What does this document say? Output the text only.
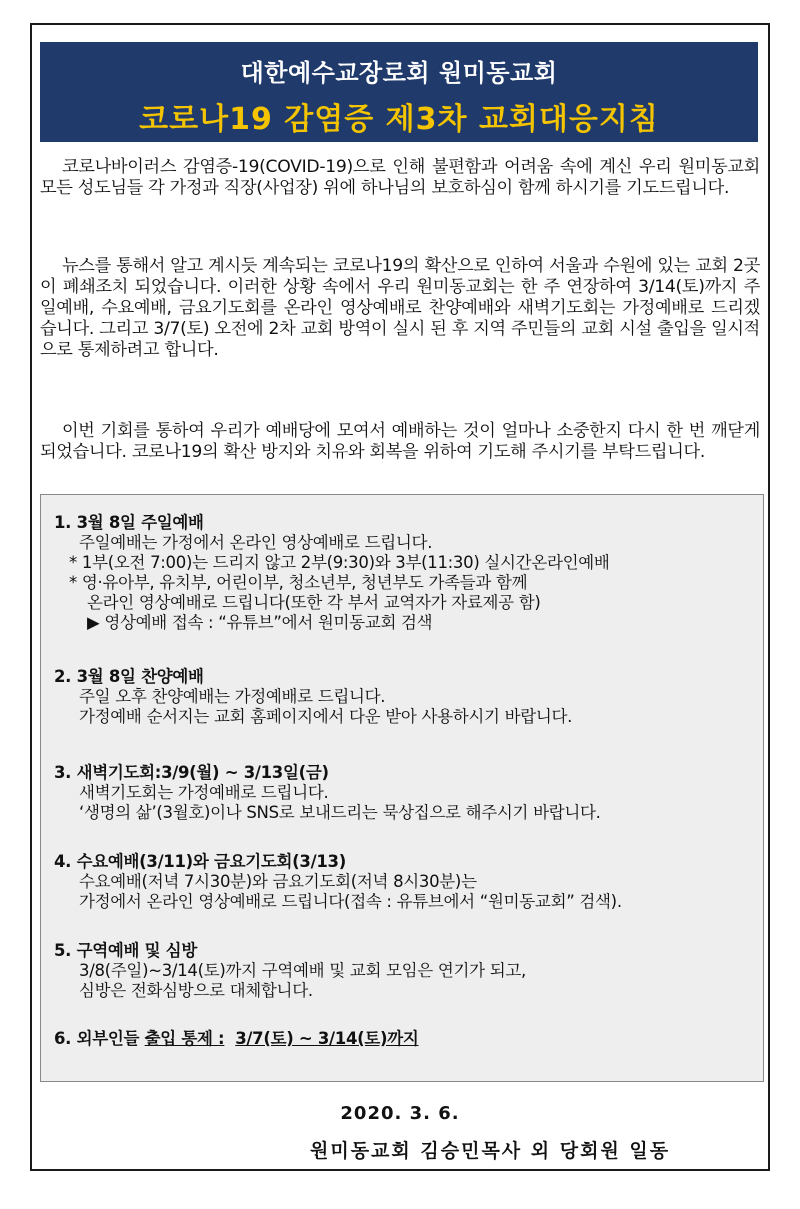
대한예수교장로회 원미동교회
코로나19 감염증 제3차 교회대응지침
코로나바이러스 감염증-19(COVID-19)으로 인해 불편함과 어려움 속에 계신 우리 원미동교회 모든 성도님들 각 가정과 직장(사업장) 위에 하나님의 보호하심이 함께 하시기를 기도드립니다.
뉴스를 통해서 알고 계시듯 계속되는 코로나19의 확산으로 인하여 서울과 수원에 있는 교회 2곳이 폐쇄조치 되었습니다. 이러한 상황 속에서 우리 원미동교회는 한 주 연장하여 3/14(토)까지 주일예배, 수요예배, 금요기도회를 온라인 영상예배로 찬양예배와 새벽기도회는 가정예배로 드리겠습니다. 그리고 3/7(토) 오전에 2차 교회 방역이 실시 된 후 지역 주민들의 교회 시설 출입을 일시적으로 통제하려고 합니다.
이번 기회를 통하여 우리가 예배당에 모여서 예배하는 것이 얼마나 소중한지 다시 한 번 깨닫게 되었습니다. 코로나19의 확산 방지와 치유와 회복을 위하여 기도해 주시기를 부탁드립니다.
1. 3월 8일 주일예배
주일예배는 가정에서 온라인 영상예배로 드립니다.
* 1부(오전 7:00)는 드리지 않고 2부(9:30)와 3부(11:30) 실시간온라인예배
* 영·유아부, 유치부, 어린이부, 청소년부, 청년부도 가족들과 함께
온라인 영상예배로 드립니다(또한 각 부서 교역자가 자료제공 함)
▶ 영상예배 접속 : “유튜브”에서 원미동교회 검색
2. 3월 8일 찬양예배
주일 오후 찬양예배는 가정예배로 드립니다.
가정예배 순서지는 교회 홈페이지에서 다운 받아 사용하시기 바랍니다.
3. 새벽기도회:3/9(월) ~ 3/13일(금)
새벽기도회는 가정예배로 드립니다.
‘생명의 삶’(3월호)이나 SNS로 보내드리는 묵상집으로 해주시기 바랍니다.
4. 수요예배(3/11)와 금요기도회(3/13)
수요예배(저녁 7시30분)와 금요기도회(저녁 8시30분)는
가정에서 온라인 영상예배로 드립니다(접속 : 유튜브에서 “원미동교회” 검색).
5. 구역예배 및 심방
3/8(주일)~3/14(토)까지 구역예배 및 교회 모임은 연기가 되고,
심방은 전화심방으로 대체합니다.
6. 외부인들 출입 통제 : 3/7(토) ~ 3/14(토)까지
2020. 3. 6.
원미동교회 김승민목사 외 당회원 일동
